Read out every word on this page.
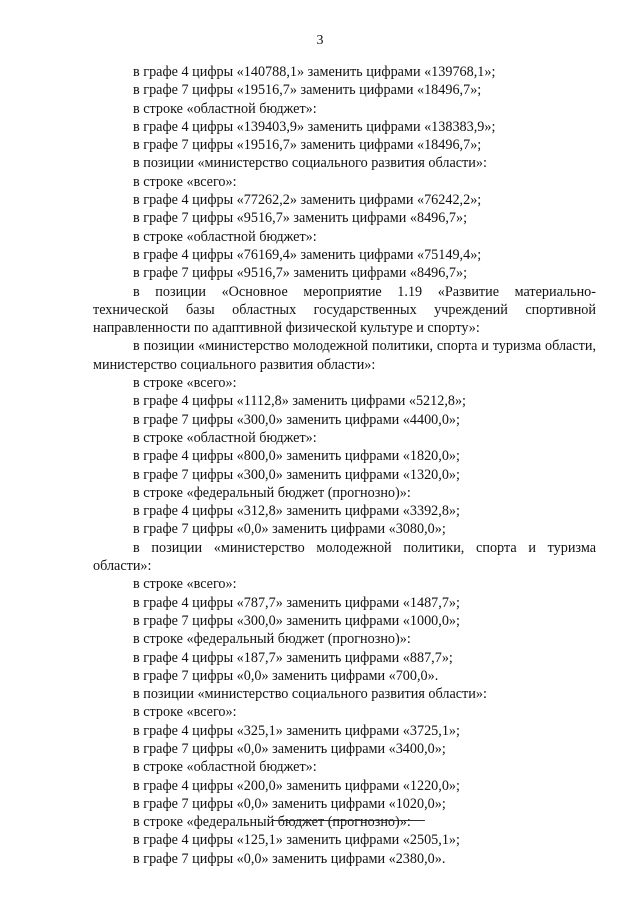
3
в графе 4 цифры «140788,1» заменить цифрами «139768,1»;
в графе 7 цифры «19516,7» заменить цифрами «18496,7»;
в строке «областной бюджет»:
в графе 4 цифры «139403,9» заменить цифрами «138383,9»;
в графе 7 цифры «19516,7» заменить цифрами «18496,7»;
в позиции «министерство социального развития области»:
в строке «всего»:
в графе 4 цифры «77262,2» заменить цифрами «76242,2»;
в графе 7 цифры «9516,7» заменить цифрами «8496,7»;
в строке «областной бюджет»:
в графе 4 цифры «76169,4» заменить цифрами «75149,4»;
в графе 7 цифры «9516,7» заменить цифрами «8496,7»;
в позиции «Основное мероприятие 1.19 «Развитие материально-технической базы областных государственных учреждений спортивной направленности по адаптивной физической культуре и спорту»:
в позиции «министерство молодежной политики, спорта и туризма области, министерство социального развития области»:
в строке «всего»:
в графе 4 цифры «1112,8» заменить цифрами «5212,8»;
в графе 7 цифры «300,0» заменить цифрами «4400,0»;
в строке «областной бюджет»:
в графе 4 цифры «800,0» заменить цифрами «1820,0»;
в графе 7 цифры «300,0» заменить цифрами «1320,0»;
в строке «федеральный бюджет (прогнозно)»:
в графе 4 цифры «312,8» заменить цифрами «3392,8»;
в графе 7 цифры «0,0» заменить цифрами «3080,0»;
в позиции «министерство молодежной политики, спорта и туризма области»:
в строке «всего»:
в графе 4 цифры «787,7» заменить цифрами «1487,7»;
в графе 7 цифры «300,0» заменить цифрами «1000,0»;
в строке «федеральный бюджет (прогнозно)»:
в графе 4 цифры «187,7» заменить цифрами «887,7»;
в графе 7 цифры «0,0» заменить цифрами «700,0».
в позиции «министерство социального развития области»:
в строке «всего»:
в графе 4 цифры «325,1» заменить цифрами «3725,1»;
в графе 7 цифры «0,0» заменить цифрами «3400,0»;
в строке «областной бюджет»:
в графе 4 цифры «200,0» заменить цифрами «1220,0»;
в графе 7 цифры «0,0» заменить цифрами «1020,0»;
в строке «федеральный бюджет (прогнозно)»:
в графе 4 цифры «125,1» заменить цифрами «2505,1»;
в графе 7 цифры «0,0» заменить цифрами «2380,0».
